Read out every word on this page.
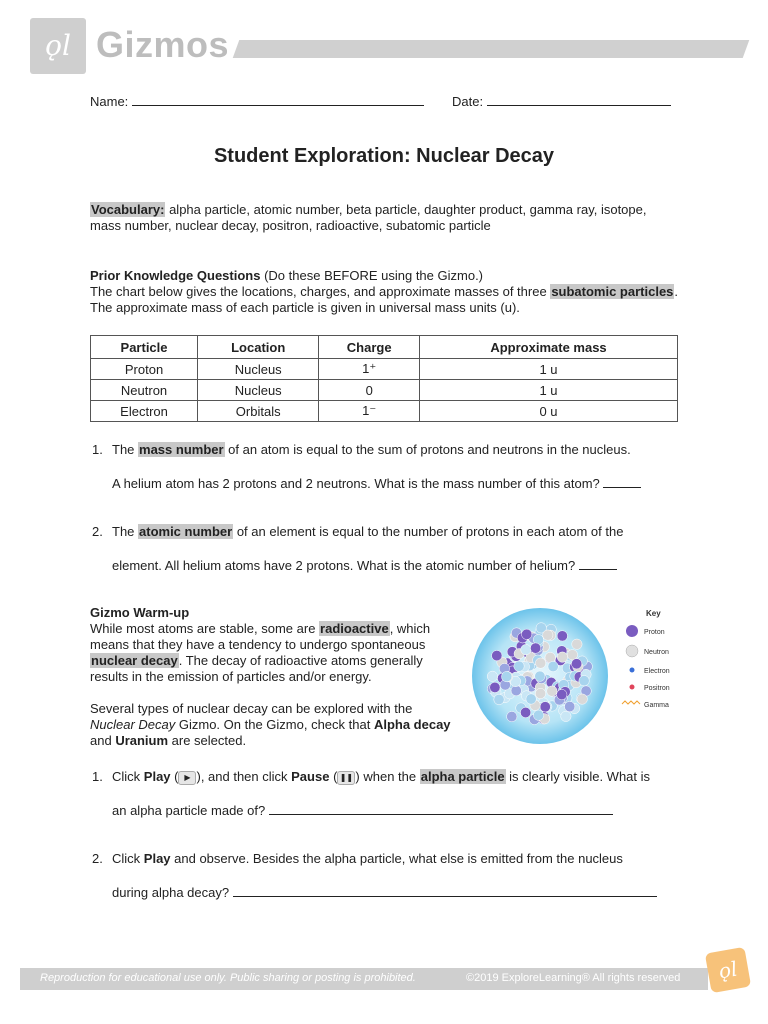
ǫl Gizmos
Name:	Date:
Student Exploration: Nuclear Decay
Vocabulary: alpha particle, atomic number, beta particle, daughter product, gamma ray, isotope, mass number, nuclear decay, positron, radioactive, subatomic particle
Prior Knowledge Questions (Do these BEFORE using the Gizmo.)
The chart below gives the locations, charges, and approximate masses of three subatomic particles. The approximate mass of each particle is given in universal mass units (u).
Particle	Location	Charge	Approximate mass
Proton	Nucleus	1⁺	1 u
Neutron	Nucleus	0	1 u
Electron	Orbitals	1⁻	0 u
1. The mass number of an atom is equal to the sum of protons and neutrons in the nucleus.
A helium atom has 2 protons and 2 neutrons. What is the mass number of this atom?
2. The atomic number of an element is equal to the number of protons in each atom of the
element. All helium atoms have 2 protons. What is the atomic number of helium?
Gizmo Warm-up
While most atoms are stable, some are radioactive, which means that they have a tendency to undergo spontaneous nuclear decay. The decay of radioactive atoms generally results in the emission of particles and/or energy.
Several types of nuclear decay can be explored with the Nuclear Decay Gizmo. On the Gizmo, check that Alpha decay and Uranium are selected.
Key
Proton
Neutron
Electron
Positron
Gamma
1. Click Play ( ▶ ), and then click Pause ( ❚❚ ) when the alpha particle is clearly visible. What is
an alpha particle made of?
2. Click Play and observe. Besides the alpha particle, what else is emitted from the nucleus
during alpha decay?
Reproduction for educational use only. Public sharing or posting is prohibited.	©2019 ExploreLearning® All rights reserved	ǫl
